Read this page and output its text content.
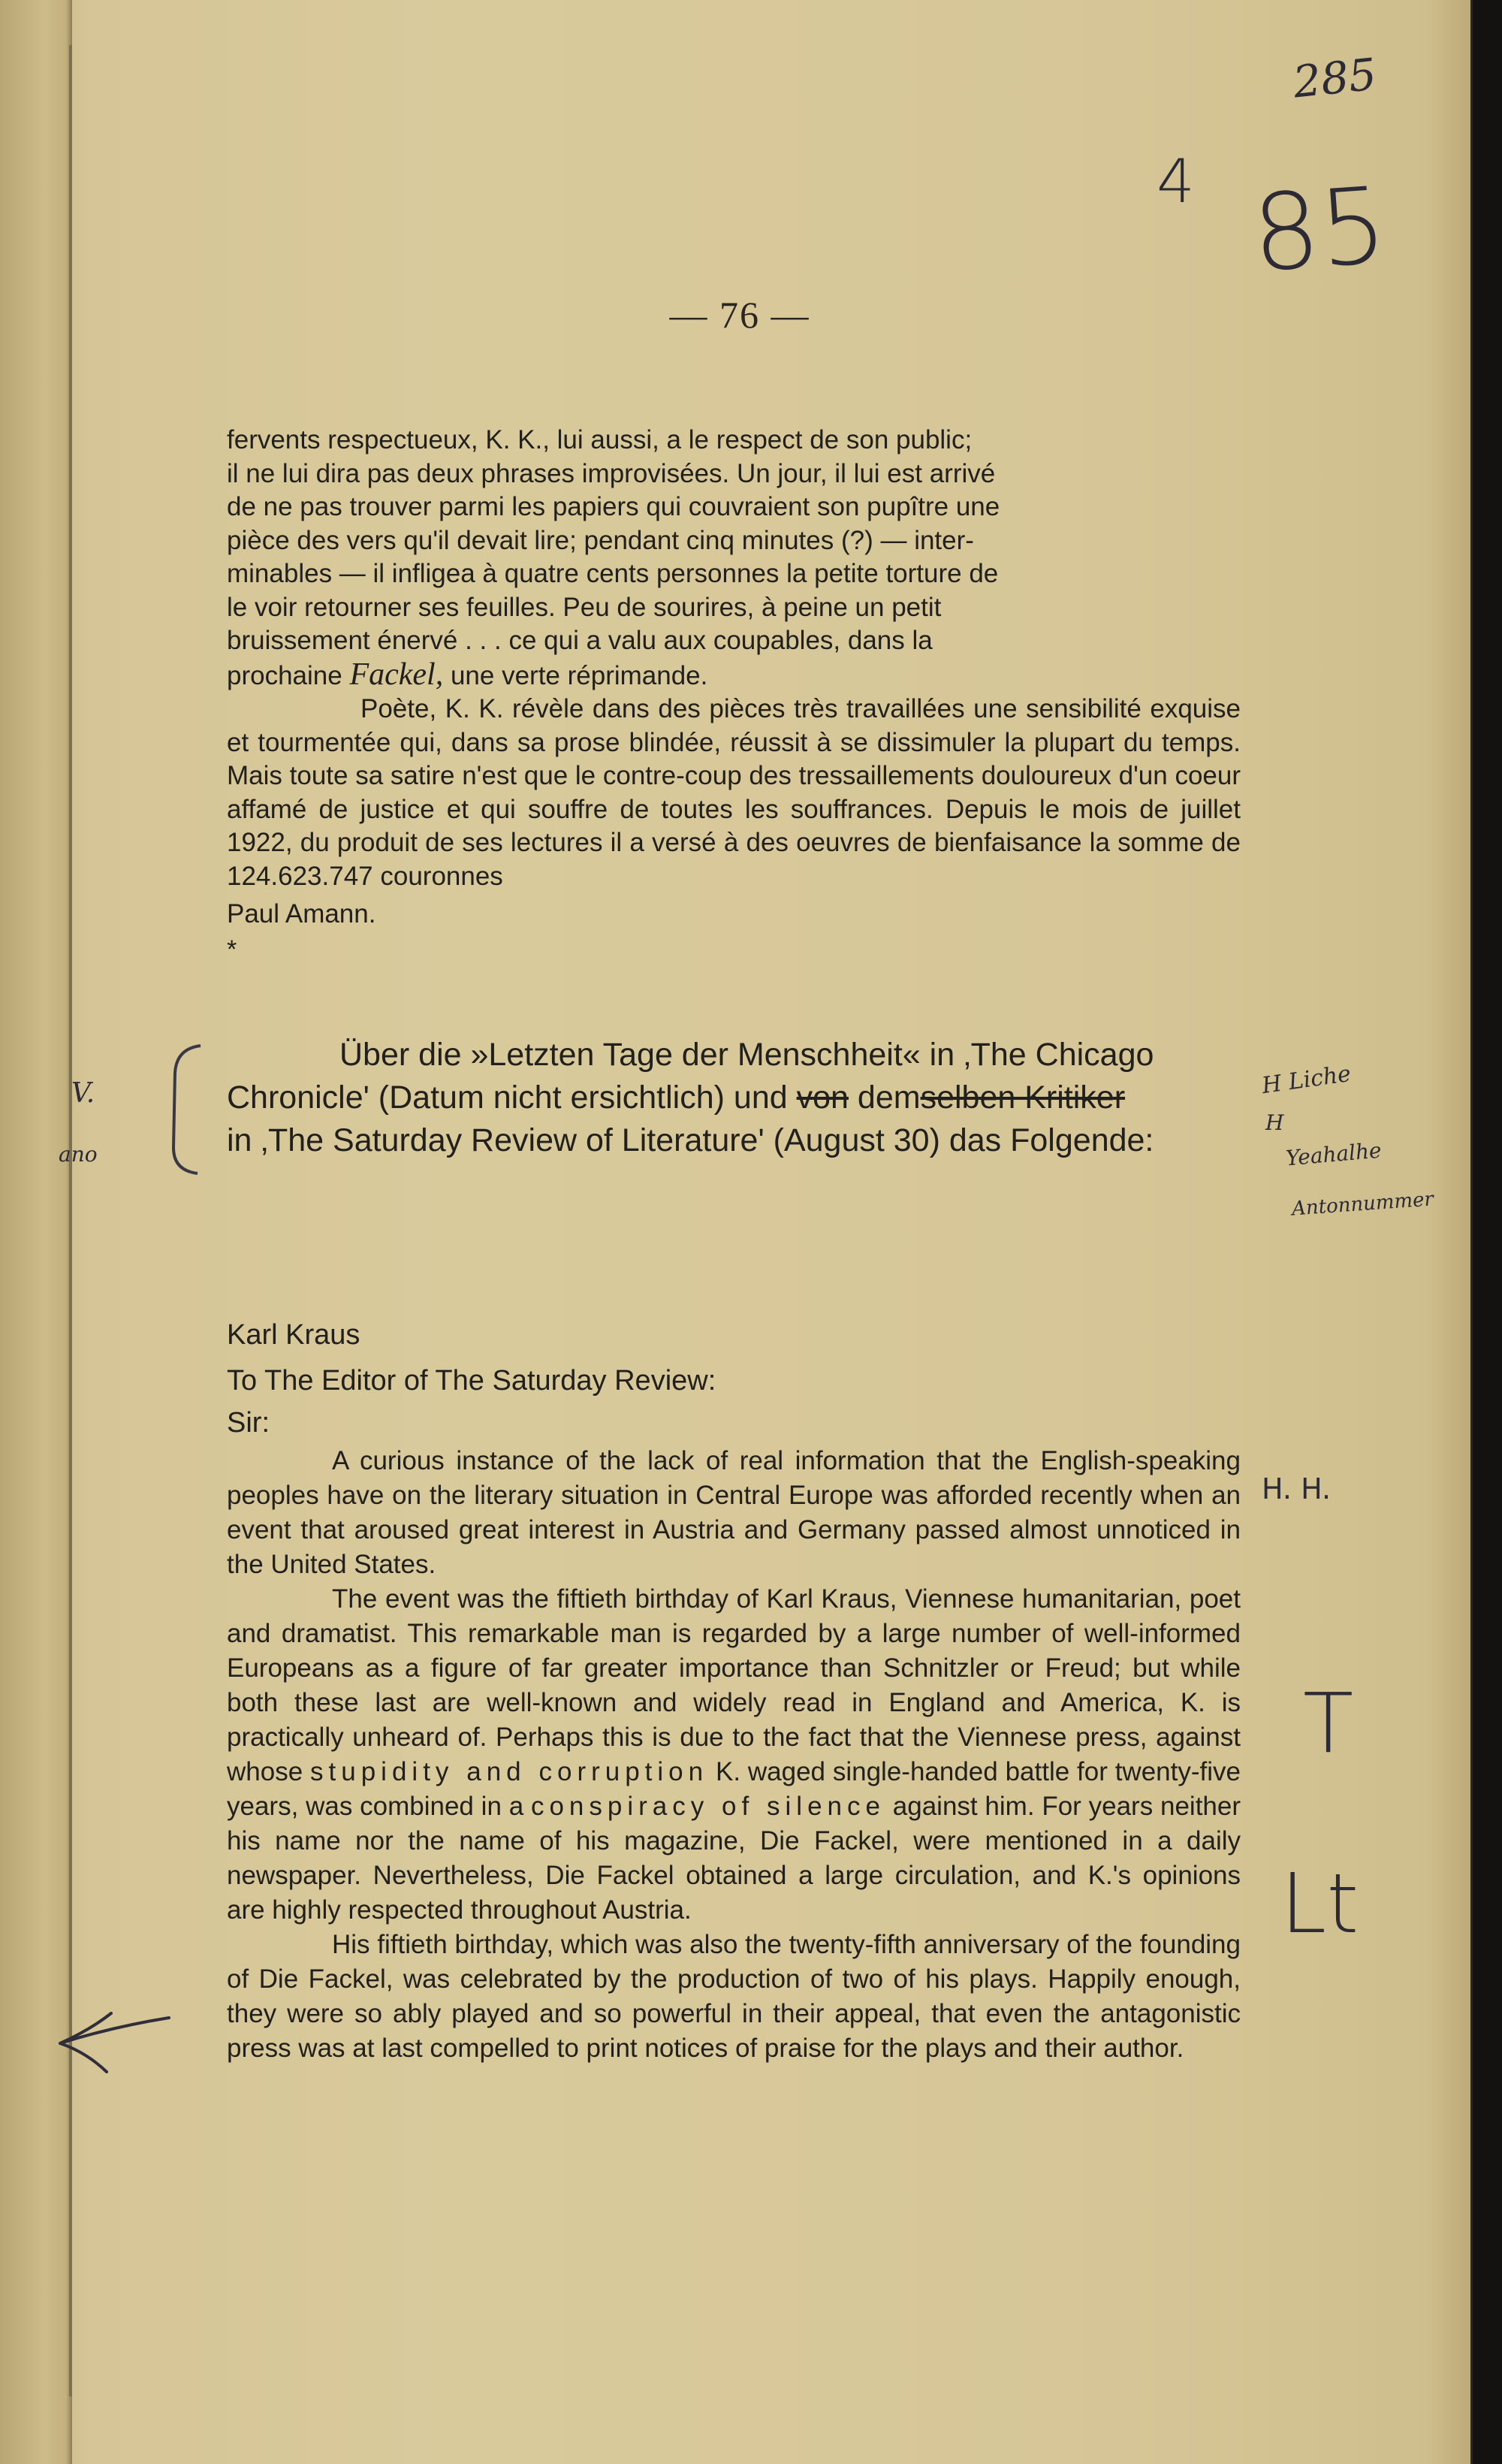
285
85
4
— 76 —

fervents respectueux, K. K., lui aussi, a le respect de son public;

il ne lui dira pas deux phrases improvisées. Un jour, il lui est arrivé

de ne pas trouver parmi les papiers qui couvraient son pupître une

pièce des vers qu'il devait lire; pendant cinq minutes (?) — inter-

minables — il infligea à quatre cents personnes la petite torture de

le voir retourner ses feuilles. Peu de sourires, à peine un petit

bruissement énervé . . . ce qui a valu aux coupables, dans la

prochaine Fackel, une verte réprimande.

Poète, K. K. révèle dans des pièces très travaillées une sensibilité exquise et tourmentée qui, dans sa prose blindée, réussit à se dissimuler la plupart du temps. Mais toute sa satire n'est que le contre-coup des tressaillements douloureux d'un coeur affamé de justice et qui souffre de toutes les souffrances. Depuis le mois de juillet 1922, du produit de ses lectures il a versé à des oeuvres de bienfaisance la somme de 124.623.747 couronnes

Paul Amann.

*

V.
ano

Über die »Letzten Tage der Menschheit« in ‚The Chicago

Chronicle' (Datum nicht ersichtlich) und von demselben Kritiker

in ‚The Saturday Review of Literature' (August 30) das Folgende:

H Liche
H
Yeahalhe
Antonnummer

Karl Kraus

To The Editor of The Saturday Review:

Sir:

A curious instance of the lack of real information that the English-speaking peoples have on the literary situation in Central Europe was afforded recently when an event that aroused great interest in Austria and Germany passed almost unnoticed in the United States.

The event was the fiftieth birthday of Karl Kraus, Viennese humanitarian, poet and dramatist. This remarkable man is regarded by a large number of well-informed Europeans as a figure of far greater importance than Schnitzler or Freud; but while both these last are well-known and widely read in England and America, K. is practically unheard of. Perhaps this is due to the fact that the Viennese press, against whose stupidity and corruption K. waged single-handed battle for twenty-five years, was combined in a conspiracy of silence against him. For years neither his name nor the name of his magazine, Die Fackel, were mentioned in a daily newspaper. Nevertheless, Die Fackel obtained a large circulation, and K.'s opinions are highly respected throughout Austria.

His fiftieth birthday, which was also the twenty-fifth anniversary of the founding of Die Fackel, was celebrated by the production of two of his plays. Happily enough, they were so ably played and so powerful in their appeal, that even the antagonistic press was at last compelled to print notices of praise for the plays and their author.

H. H.
T
Lt
